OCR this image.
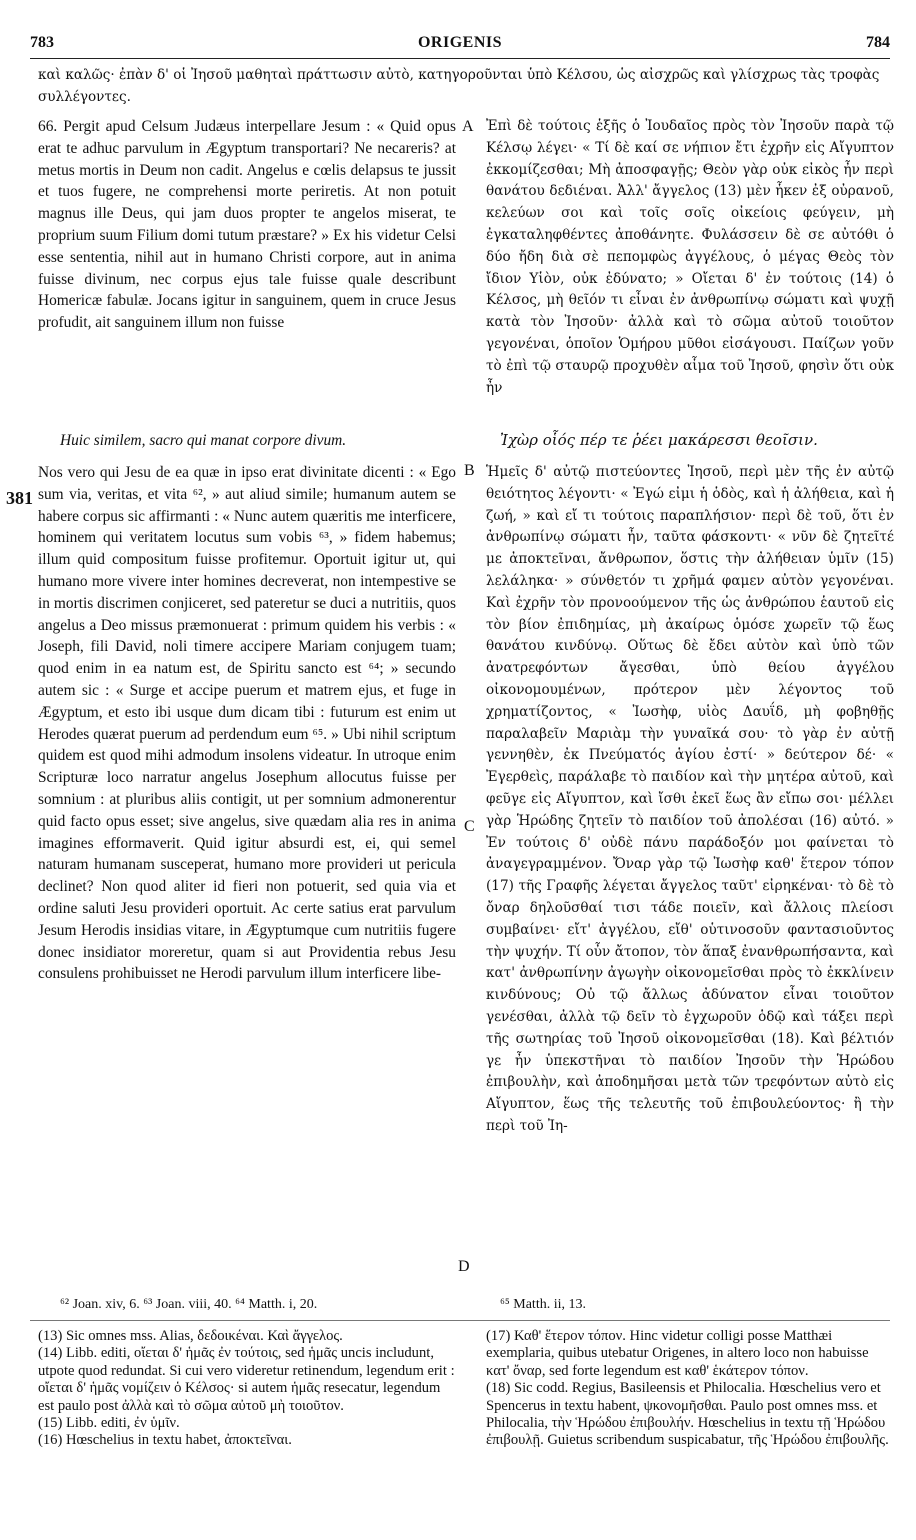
783	ORIGENIS	784
καὶ καλῶς· ἐπὰν δ' οἱ Ἰησοῦ μαθηταὶ πράττωσιν αὐτὸ, κατηγοροῦνται ὑπὸ Κέλσου, ὡς αἰσχρῶς καὶ γλίσχρως τὰς τροφὰς συλλέγοντες.
66. Pergit apud Celsum Judæus interpellare Jesum : « Quid opus erat te adhuc parvulum in Ægyptum transportari? Ne necareris? at metus mortis in Deum non cadit. Angelus e cœlis delapsus te jussit et tuos fugere, ne comprehensi morte periretis. At non potuit magnus ille Deus, qui jam duos propter te angelos miserat, te proprium suum Filium domi tutum præstare? » Ex his videtur Celsi esse sententia, nihil aut in humano Christi corpore, aut in anima fuisse divinum, nec corpus ejus tale fuisse quale describunt Homericæ fabulæ. Jocans igitur in sanguinem, quem in cruce Jesus profudit, ait sanguinem illum non fuisse
Ἐπὶ δὲ τούτοις ἑξῆς ὁ Ἰουδαῖος πρὸς τὸν Ἰησοῦν παρὰ τῷ Κέλσῳ λέγει· « Τί δὲ καί σε νήπιον ἔτι ἐχρῆν εἰς Αἴγυπτον ἐκκομίζεσθαι; Μὴ ἀποσφαγῇς; Θεὸν γὰρ οὐκ εἰκὸς ἦν περὶ θανάτου δεδιέναι. Ἀλλ' ἄγγελος (13) μὲν ἧκεν ἐξ οὐρανοῦ, κελεύων σοι καὶ τοῖς σοῖς οἰκείοις φεύγειν, μὴ ἐγκαταληφθέντες ἀποθάνητε. Φυλάσσειν δὲ σε αὐτόθι ὁ δύο ἤδη διὰ σὲ πεπομφὼς ἀγγέλους, ὁ μέγας Θεὸς τὸν ἴδιον Υἱὸν, οὐκ ἐδύνατο; » Οἴεται δ' ἐν τούτοις (14) ὁ Κέλσος, μὴ θεῖόν τι εἶναι ἐν ἀνθρωπίνῳ σώματι καὶ ψυχῇ κατὰ τὸν Ἰησοῦν· ἀλλὰ καὶ τὸ σῶμα αὐτοῦ τοιοῦτον γεγονέναι, ὁποῖον Ὁμήρου μῦθοι εἰσάγουσι. Παίζων γοῦν τὸ ἐπὶ τῷ σταυρῷ προχυθὲν αἷμα τοῦ Ἰησοῦ, φησὶν ὅτι οὐκ ἦν
A
Huic similem, sacro qui manat corpore divum.	Ἰχὼρ οἷός πέρ τε ῥέει μακάρεσσι θεοῖσιν.
Nos vero qui Jesu de ea quæ in ipso erat divinitate dicenti : « Ego sum via, veritas, et vita ⁶², » aut aliud simile; humanum autem se habere corpus sic affirmanti : « Nunc autem quæritis me interficere, hominem qui veritatem locutus sum vobis ⁶³, » fidem habemus; illum quid compositum fuisse profitemur. Oportuit igitur ut, qui humano more vivere inter homines decreverat, non intempestive se in mortis discrimen conjiceret, sed pateretur se duci a nutritiis, quos angelus a Deo missus præmonuerat : primum quidem his verbis : « Joseph, fili David, noli timere accipere Mariam conjugem tuam; quod enim in ea natum est, de Spiritu sancto est ⁶⁴; » secundo autem sic : « Surge et accipe puerum et matrem ejus, et fuge in Ægyptum, et esto ibi usque dum dicam tibi : futurum est enim ut Herodes quærat puerum ad perdendum eum ⁶⁵. » Ubi nihil scriptum quidem est quod mihi admodum insolens videatur. In utroque enim Scripturæ loco narratur angelus Josephum allocutus fuisse per somnium : at pluribus aliis contigit, ut per somnium admonerentur quid facto opus esset; sive angelus, sive quædam alia res in anima imagines efformaverit. Quid igitur absurdi est, ei, qui semel naturam humanam susceperat, humano more provideri ut pericula declinet? Non quod aliter id fieri non potuerit, sed quia via et ordine saluti Jesu provideri oportuit. Ac certe satius erat parvulum Jesum Herodis insidias vitare, in Ægyptumque cum nutritiis fugere donec insidiator moreretur, quam si aut Providentia rebus Jesu consulens prohibuisset ne Herodi parvulum illum interficere libe-
Ἡμεῖς δ' αὐτῷ πιστεύοντες Ἰησοῦ, περὶ μὲν τῆς ἐν αὐτῷ θειότητος λέγοντι· « Ἐγώ εἰμι ἡ ὁδὸς, καὶ ἡ ἀλήθεια, καὶ ἡ ζωή, » καὶ εἴ τι τούτοις παραπλήσιον· περὶ δὲ τοῦ, ὅτι ἐν ἀνθρωπίνῳ σώματι ἦν, ταῦτα φάσκοντι· « νῦν δὲ ζητεῖτέ με ἀποκτεῖναι, ἄνθρωπον, ὅστις τὴν ἀλήθειαν ὑμῖν (15) λελάληκα· » σύνθετόν τι χρῆμά φαμεν αὐτὸν γεγονέναι. Καὶ ἐχρῆν τὸν προνοούμενον τῆς ὡς ἀνθρώπου ἑαυτοῦ εἰς τὸν βίον ἐπιδημίας, μὴ ἀκαίρως ὁμόσε χωρεῖν τῷ ἕως θανάτου κινδύνῳ. Οὕτως δὲ ἔδει αὐτὸν καὶ ὑπὸ τῶν ἀνατρεφόντων ἄγεσθαι, ὑπὸ θείου ἀγγέλου οἰκονομουμένων, πρότερον μὲν λέγοντος τοῦ χρηματίζοντος, « Ἰωσὴφ, υἱὸς Δαυΐδ, μὴ φοβηθῇς παραλαβεῖν Μαριὰμ τὴν γυναῖκά σου· τὸ γὰρ ἐν αὐτῇ γεννηθὲν, ἐκ Πνεύματός ἁγίου ἐστί· » δεύτερον δέ· « Ἐγερθεὶς, παράλαβε τὸ παιδίον καὶ τὴν μητέρα αὐτοῦ, καὶ φεῦγε εἰς Αἴγυπτον, καὶ ἴσθι ἐκεῖ ἕως ἂν εἴπω σοι· μέλλει γὰρ Ἡρώδης ζητεῖν τὸ παιδίον τοῦ ἀπολέσαι (16) αὐτό. » Ἐν τούτοις δ' οὐδὲ πάνυ παράδοξόν μοι φαίνεται τὸ ἀναγεγραμμένον. Ὄναρ γὰρ τῷ Ἰωσὴφ καθ' ἕτερον τόπον (17) τῆς Γραφῆς λέγεται ἄγγελος ταῦτ' εἰρηκέναι· τὸ δὲ τὸ ὄναρ δηλοῦσθαί τισι τάδε ποιεῖν, καὶ ἄλλοις πλείοσι συμβαίνει· εἴτ' ἀγγέλου, εἴθ' οὑτινοσοῦν φαντασιοῦντος τὴν ψυχήν. Τί οὖν ἄτοπον, τὸν ἅπαξ ἐνανθρωπήσαντα, καὶ κατ' ἀνθρωπίνην ἀγωγὴν οἰκονομεῖσθαι πρὸς τὸ ἐκκλίνειν κινδύνους; Οὐ τῷ ἄλλως ἀδύνατον εἶναι τοιοῦτον γενέσθαι, ἀλλὰ τῷ δεῖν τὸ ἐγχωροῦν ὁδῷ καὶ τάξει περὶ τῆς σωτηρίας τοῦ Ἰησοῦ οἰκονομεῖσθαι (18). Καὶ βέλτιόν γε ἦν ὑπεκστῆναι τὸ παιδίον Ἰησοῦν τὴν Ἡρώδου ἐπιβουλὴν, καὶ ἀποδημῆσαι μετὰ τῶν τρεφόντων αὐτὸ εἰς Αἴγυπτον, ἕως τῆς τελευτῆς τοῦ ἐπιβουλεύοντος· ἢ τὴν περὶ τοῦ Ἰη-
B
C
D
381
⁶² Joan. xiv, 6. ⁶³ Joan. viii, 40. ⁶⁴ Matth. i, 20.	⁶⁵ Matth. ii, 13.

(13) Sic omnes mss. Alias, δεδοικέναι. Καὶ ἄγγελος.

(14) Libb. editi, οἴεται δ' ἡμᾶς ἐν τούτοις, sed ἡμᾶς uncis includunt, utpote quod redundat. Si cui vero videretur retinendum, legendum erit : οἴεται δ' ἡμᾶς νομίζειν ὁ Κέλσος· si autem ἡμᾶς resecatur, legendum est paulo post ἀλλὰ καὶ τὸ σῶμα αὐτοῦ μὴ τοιοῦτον.

(15) Libb. editi, ἐν ὑμῖν.

(16) Hœschelius in textu habet, ἀποκτεῖναι.

(17) Καθ' ἕτερον τόπον. Hinc videtur colligi posse Matthæi exemplaria, quibus utebatur Origenes, in altero loco non habuisse κατ' ὄναρ, sed forte legendum est καθ' ἑκάτερον τόπον.

(18) Sic codd. Regius, Basileensis et Philocalia. Hœschelius vero et Spencerus in textu habent, ψκονομῆσθαι. Paulo post omnes mss. et Philocalia, τὴν Ἡρώδου ἐπιβουλήν. Hœschelius in textu τῇ Ἡρώδου ἐπιβουλῇ. Guietus scribendum suspicabatur, τῆς Ἡρώδου ἐπιβουλῆς.
